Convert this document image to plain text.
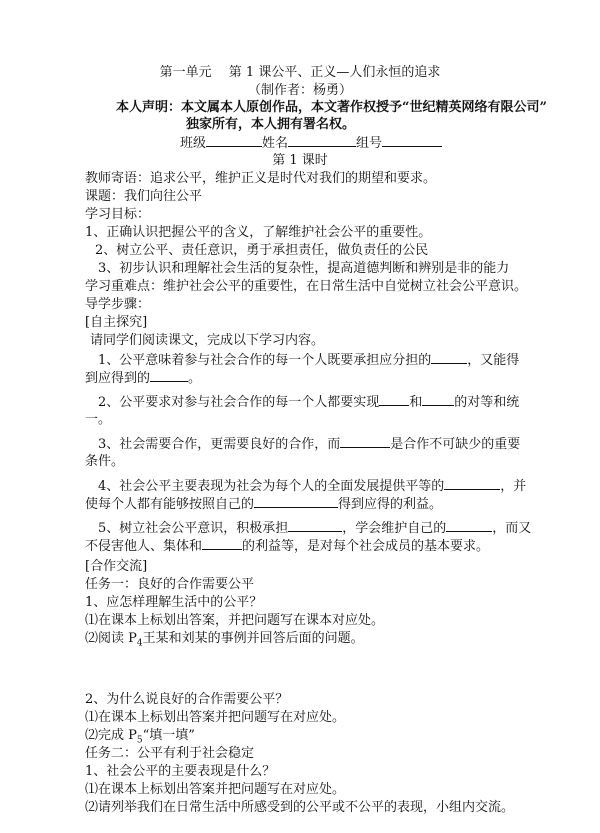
第一单元　 第 1 课公平、正义—人们永恒的追求
（制作者：杨勇）
本人声明：本文属本人原创作品，本文著作权授予“世纪精英网络有限公司”
独家所有，本人拥有署名权。
班级	姓名	组号
第 1 课时
教师寄语：追求公平，维护正义是时代对我们的期望和要求。
课题：我们向往公平
学习目标：
1、正确认识把握公平的含义，了解维护社会公平的重要性。
2、树立公平、责任意识，勇于承担责任，做负责任的公民
3、初步认识和理解社会生活的复杂性，提高道德判断和辨别是非的能力
学习重难点：维护社会公平的重要性，在日常生活中自觉树立社会公平意识。
导学步骤：
[自主探究]
请同学们阅读课文，完成以下学习内容。
1、公平意味着参与社会合作的每一个人既要承担应分担的	，又能得
到应得到的	。
2、公平要求对参与社会合作的每一个人都要实现 和 的对等和统
一。
3、社会需要合作，更需要良好的合作，而	是合作不可缺少的重要
条件。
4、社会公平主要表现为社会为每个人的全面发展提供平等的	，并
使每个人都有能够按照自己的	得到应得的利益。
5、树立社会公平意识，积极承担	，学会维护自己的	，而又
不侵害他人、集体和	的利益等，是对每个社会成员的基本要求。
[合作交流]
任务一：良好的合作需要公平
1、应怎样理解生活中的公平？
⑴在课本上标划出答案，并把问题写在课本对应处。
⑵阅读 $P_4$王某和刘某的事例并回答后面的问题。
2、为什么说良好的合作需要公平？
⑴在课本上标划出答案并把问题写在对应处。
⑵完成 $P_5“$填一填”
任务二：公平有利于社会稳定
1、社会公平的主要表现是什么？
⑴在课本上标划出答案并把问题写在对应处。
⑵请列举我们在日常生活中所感受到的公平或不公平的表现，小组内交流。
